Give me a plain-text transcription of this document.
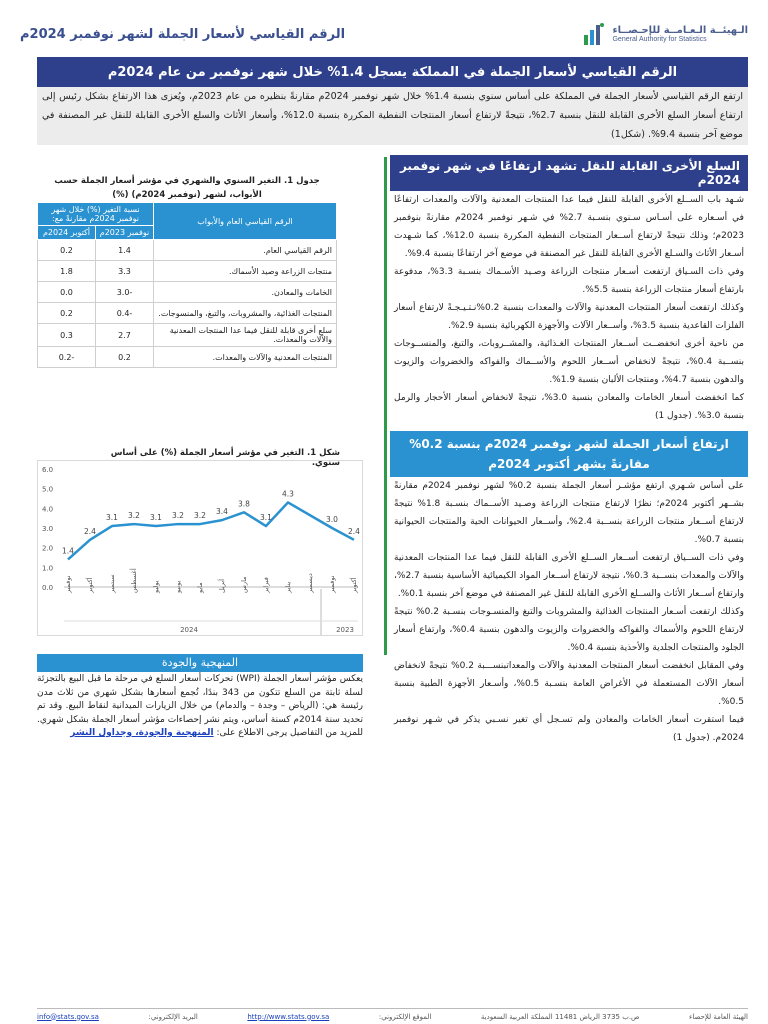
الـهيئــة الـعـامــة للإحـصــاء
General Authority for Statistics
الرقم القياسي لأسعار الجملة لشهر نوفمبر 2024م
الرقم القياسي لأسعار الجملة في المملكة يسجل 1.4% خلال شهر نوفمبر من عام 2024م
ارتفع الرقم القياسي لأسعار الجملة في المملكة على أساس سنوي بنسبة 1.4% خلال شهر نوفمبر 2024م مقارنةً بنظيره من عام 2023م، ويُعزى هذا الارتفاع بشكل رئيس إلى ارتفاع أسعار السلع الأخرى القابلة للنقل بنسبة 2.7%، نتيجةً لارتفاع أسعار المنتجات النفطية المكررة بنسبة 12.0%، وأسعار الأثاث والسلع الأخرى القابلة للنقل غير المصنفة في موضع آخر بنسبة 9.4%. (شكل1)
السلع الأخرى القابلة للنقل تشهد ارتفاعًا في شهر نوفمبر 2024م

شـهد باب الســلع الأخرى القابلة للنقل فيما عدا المنتجات المعدنية والآلات والمعدات ارتفاعًا في أسـعاره على أسـاس سـنوي بنسـبة 2.7% في شـهر نوفمبر 2024م مقارنةً بنوفمبر 2023م؛ وذلك نتيجةً لارتفاع أســعار المنتجات النفطية المكررة بنسبة 12.0%، كما شـهدت أسـعار الأثاث والسـلع الأخرى القابلة للنقل غير المصنفة في موضع آخر ارتفاعًا بنسبة 9.4%.

وفي ذات السـياق ارتفعت أسـعار منتجات الزراعة وصـيد الأسـماك بنسـبة 3.3%، مدفوعة بارتفاع أسعار منتجات الزراعة بنسبة 5.5%.

وكذلك ارتفعت أسعار المنتجات المعدنية والآلات والمعدات بنسبة 0.2%نـتـيـجـةً لارتفاع أسعار الفلزات القاعدية بنسبة 3.5%، وأســعار الآلات والأجهزة الكهربائية بنسبة 2.9%.

من ناحية أخرى انخفضــت أســعار المنتجات الغـذائية، والمشــروبات، والتبغ، والمنســوجات بنســبة 0.4%، نتيجةً لانخفاض أســعار اللحوم والأســماك والفواكه والخضروات والزيوت والدهون بنسبة 4.7%، ومنتجات الألبان بنسبة 1.9%.

كما انخفضت أسعار الخامات والمعادن بنسبة 3.0%، نتيجةً لانخفاض أسعار الأحجار والرمل بنسبة 3.0%. (جدول 1)

ارتفاع أسعار الجملة لشهر نوفمبر 2024م بنسبة 0.2% مقارنةً بشهر أكتوبر 2024م

على أساس شـهري ارتفع مؤشـر أسعار الجملة بنسبة 0.2% لشهر نوفمبر 2024م مقارنةً بشــهر أكتوبر 2024م؛ نظرًا لارتفاع منتجات الزراعة وصـيد الأســماك بنسـبة 1.8% نتيجةً لارتفاع أســعار منتجات الزراعة بنســبة 2.4%، وأســعار الحيوانات الحية والمنتجات الحيوانية بنسبة 0.7%.

وفي ذات الســياق ارتفعت أســعار الســلع الأخرى القابلة للنقل فيما عدا المنتجات المعدنية والآلات والمعدات بنســبة 0.3%، نتيجة لارتفاع أســعار المواد الكيميائية الأساسية بنسبة 2.7%، وارتفاع أســعار الأثاث والســلع الأخرى القابلة للنقل غير المصنفة في موضع آخر بنسبة 0.1%.

وكذلك ارتفعت أسـعار المنتجات الغذائية والمشروبات والتبغ والمنسـوجات بنسـبة 0.2% نتيجةً لارتفاع اللحوم والأسماك والفواكه والخضروات والزيوت والدهون بنسبة 0.4%، وارتفاع أسعار الجلود والمنتجات الجلدية والأحذية بنسبة 0.4%.

وفي المقابل انخفضت أسعار المنتجات المعدنية والآلات والمعداتبنســـبة 0.2% نتيجةً لانخفاض أسعار الآلات المستعملة في الأغراض العامة بنسـبة 0.5%، وأسـعار الأجهزة الطبية بنسبة 0.5%.

فيما استقرت أسعار الخامات والمعادن ولم تسـجل أي تغير نسـبي يذكر في شـهر نوفمبر 2024م. (جدول 1)

جدول 1. التغير السنوي والشهري في مؤشر أسعار الجملة حسب الأبواب، لشهر (نوفمبر 2024م) (%)
الرقم القياسي العام والأبواب	نسبة التغير (%) خلال شهر نوفمبر 2024م مقارنةً مع:	
	نوفمبر 2023م	أكتوبر 2024م
الرقم القياسي العام.	1.4	0.2
منتجات الزراعة وصيد الأسماك.	3.3	1.8
الخامات والمعادن.	-3.0	0.0
المنتجات الغذائية، والمشروبات، والتبغ، والمنسوجات.	-0.4	0.2
سلع أخرى قابلة للنقل فيما عدا المنتجات المعدنية والآلات والمعدات.	2.7	0.3
المنتجات المعدنية والآلات والمعدات.	0.2	-0.2
شكل 1. التغير في مؤشر أسعار الجملة (%) على أساس سنوي.
0.0
1.0
2.0
3.0
4.0
5.0
6.0
أكتوبر
نوفمبر
ديسمبر
يناير
فبراير
مارس
أبريل
مايو
يونيو
يوليو
أغسطس
سبتمبر
أكتوبر
نوفمبر
2023
2024
2.4
3.0
4.3
3.1
3.8
3.4
3.2
3.2
3.1
3.2
3.1
2.4
1.4
المنهجية والجودة
يعكس مؤشر أسعار الجملة (WPI) تحركات أسعار السلع في مرحلة ما قبل البيع بالتجزئة لسلة ثابتة من السلع تتكون من 343 بندًا، تُجمع أسعارها بشكل شهري من ثلاث مدن رئيسة هي: (الرياض – وجدة – والدمام) من خلال الزيارات الميدانية لنقاط البيع. وقد تم تحديد سنة 2014م كسنة أساس، ويتم نشر إحصاءات مؤشر أسعار الجملة بشكل شهري. للمزيد من التفاصيل يرجى الاطلاع على: المنهجية والجودة، وجداول النشر
الهيئة العامة للإحصاء
ص.ب 3735 الرياض 11481 المملكة العربية السعودية
الموقع الإلكتروني:
http://www.stats.gov.sa
البريد الإلكتروني:
info@stats.gov.sa
